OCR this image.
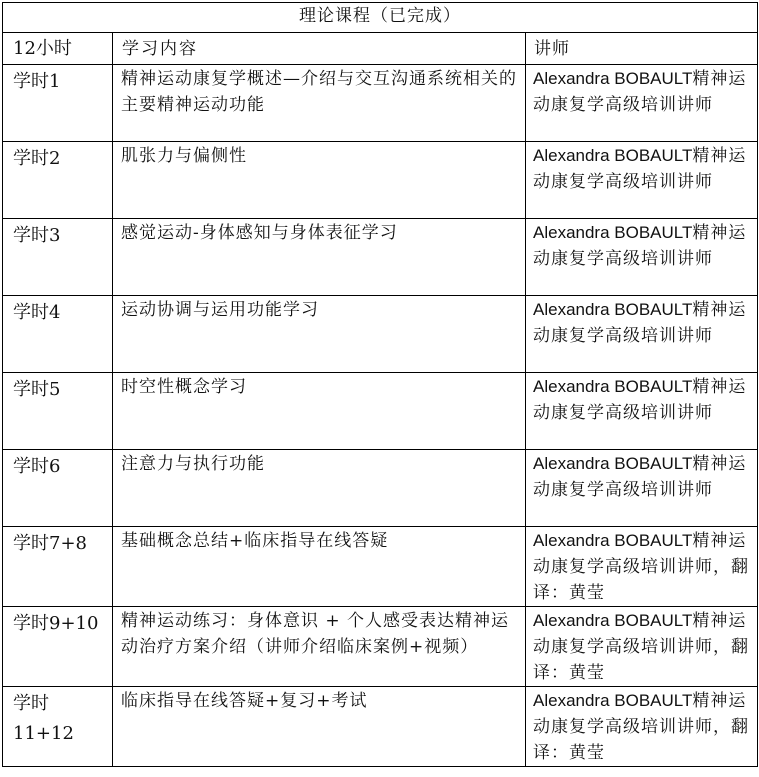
理论课程（已完成）		

12小时	学习内容	讲师

学时1	精神运动康复学概述—介绍与交互沟通系统相关的主要精神运动功能	Alexandra BOBAULT精神运动康复学高级培训讲师

学时2	肌张力与偏侧性	Alexandra BOBAULT精神运动康复学高级培训讲师

学时3	感觉运动-身体感知与身体表征学习	Alexandra BOBAULT精神运动康复学高级培训讲师

学时4	运动协调与运用功能学习	Alexandra BOBAULT精神运动康复学高级培训讲师

学时5	时空性概念学习	Alexandra BOBAULT精神运动康复学高级培训讲师

学时6	注意力与执行功能	Alexandra BOBAULT精神运动康复学高级培训讲师

学时7+8	基础概念总结+临床指导在线答疑	Alexandra BOBAULT精神运动康复学高级培训讲师，翻译：黄莹

学时9+10	精神运动练习：身体意识 + 个人感受表达精神运动治疗方案介绍（讲师介绍临床案例+视频）	Alexandra BOBAULT精神运动康复学高级培训讲师，翻译：黄莹

学时11+12	临床指导在线答疑+复习+考试	Alexandra BOBAULT精神运动康复学高级培训讲师，翻译：黄莹
